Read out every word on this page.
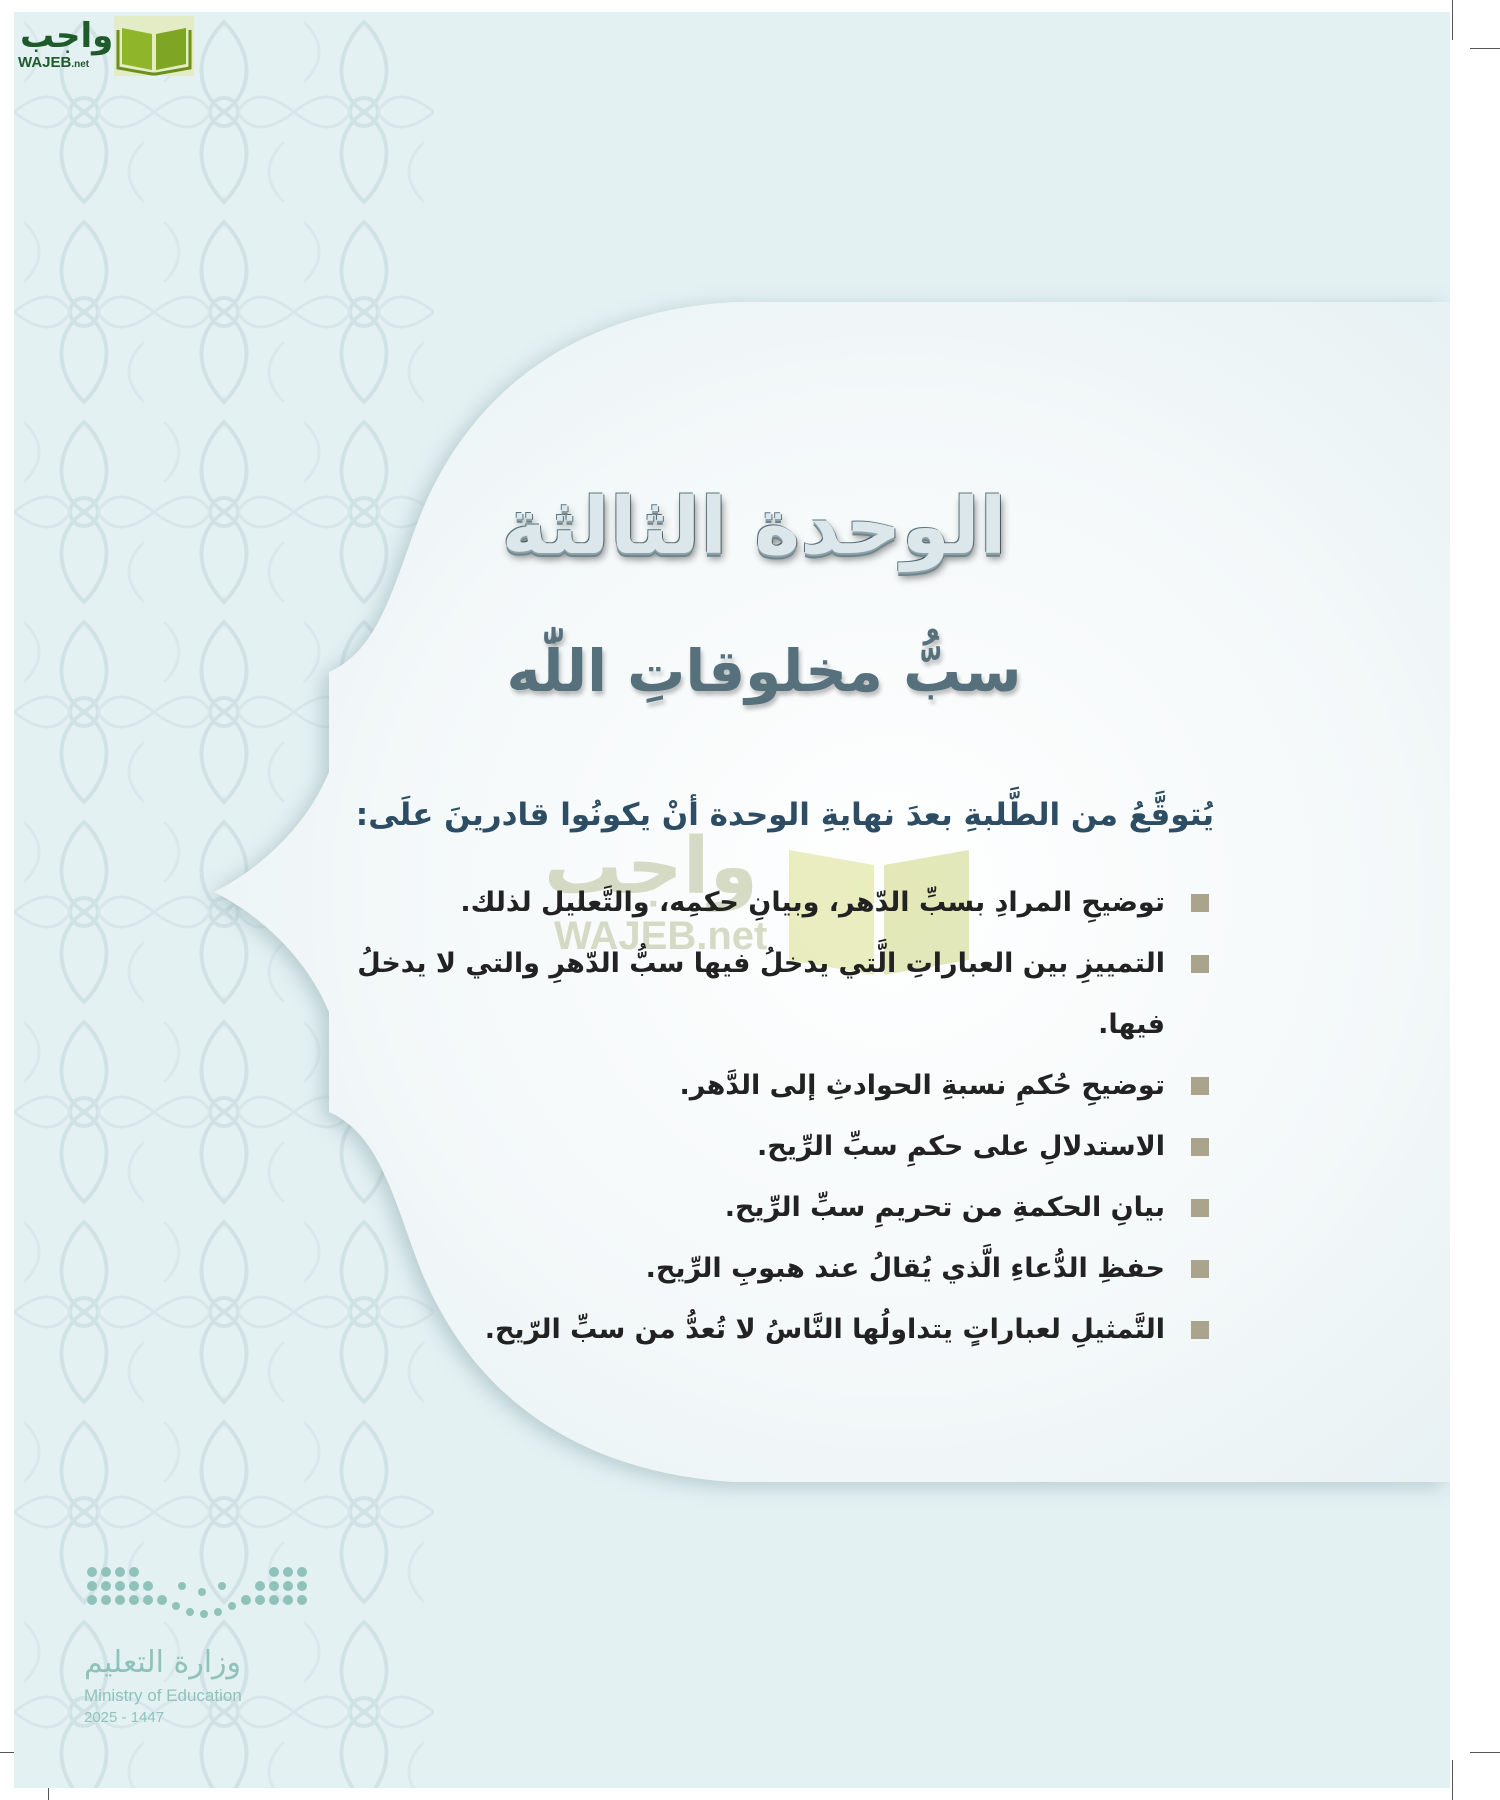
واجب
WAJEB.net
واجب
WAJEB.net
الوحدة الثالثة
سبُّ مخلوقاتِ اللّٰه
يُتوقَّعُ من الطَّلبةِ بعدَ نهايةِ الوحدة أنْ يكونُوا قادرينَ علَى:
توضيحِ المرادِ بسبِّ الدّهر، وبيانِ حكمِه، والتَّعليل لذلك.
التمييزِ بين العباراتِ الَّتي يدخلُ فيها سبُّ الدّهرِ والتي لا يدخلُ فيها.
توضيحِ حُكمِ نسبةِ الحوادثِ إلى الدَّهر.
الاستدلالِ على حكمِ سبِّ الرِّيح.
بيانِ الحكمةِ من تحريمِ سبِّ الرِّيح.
حفظِ الدُّعاءِ الَّذي يُقالُ عند هبوبِ الرِّيح.
التَّمثيلِ لعباراتٍ يتداولُها النَّاسُ لا تُعدُّ من سبِّ الرّيح.
وزارة التعليم
Ministry of Education
2025 - 1447
